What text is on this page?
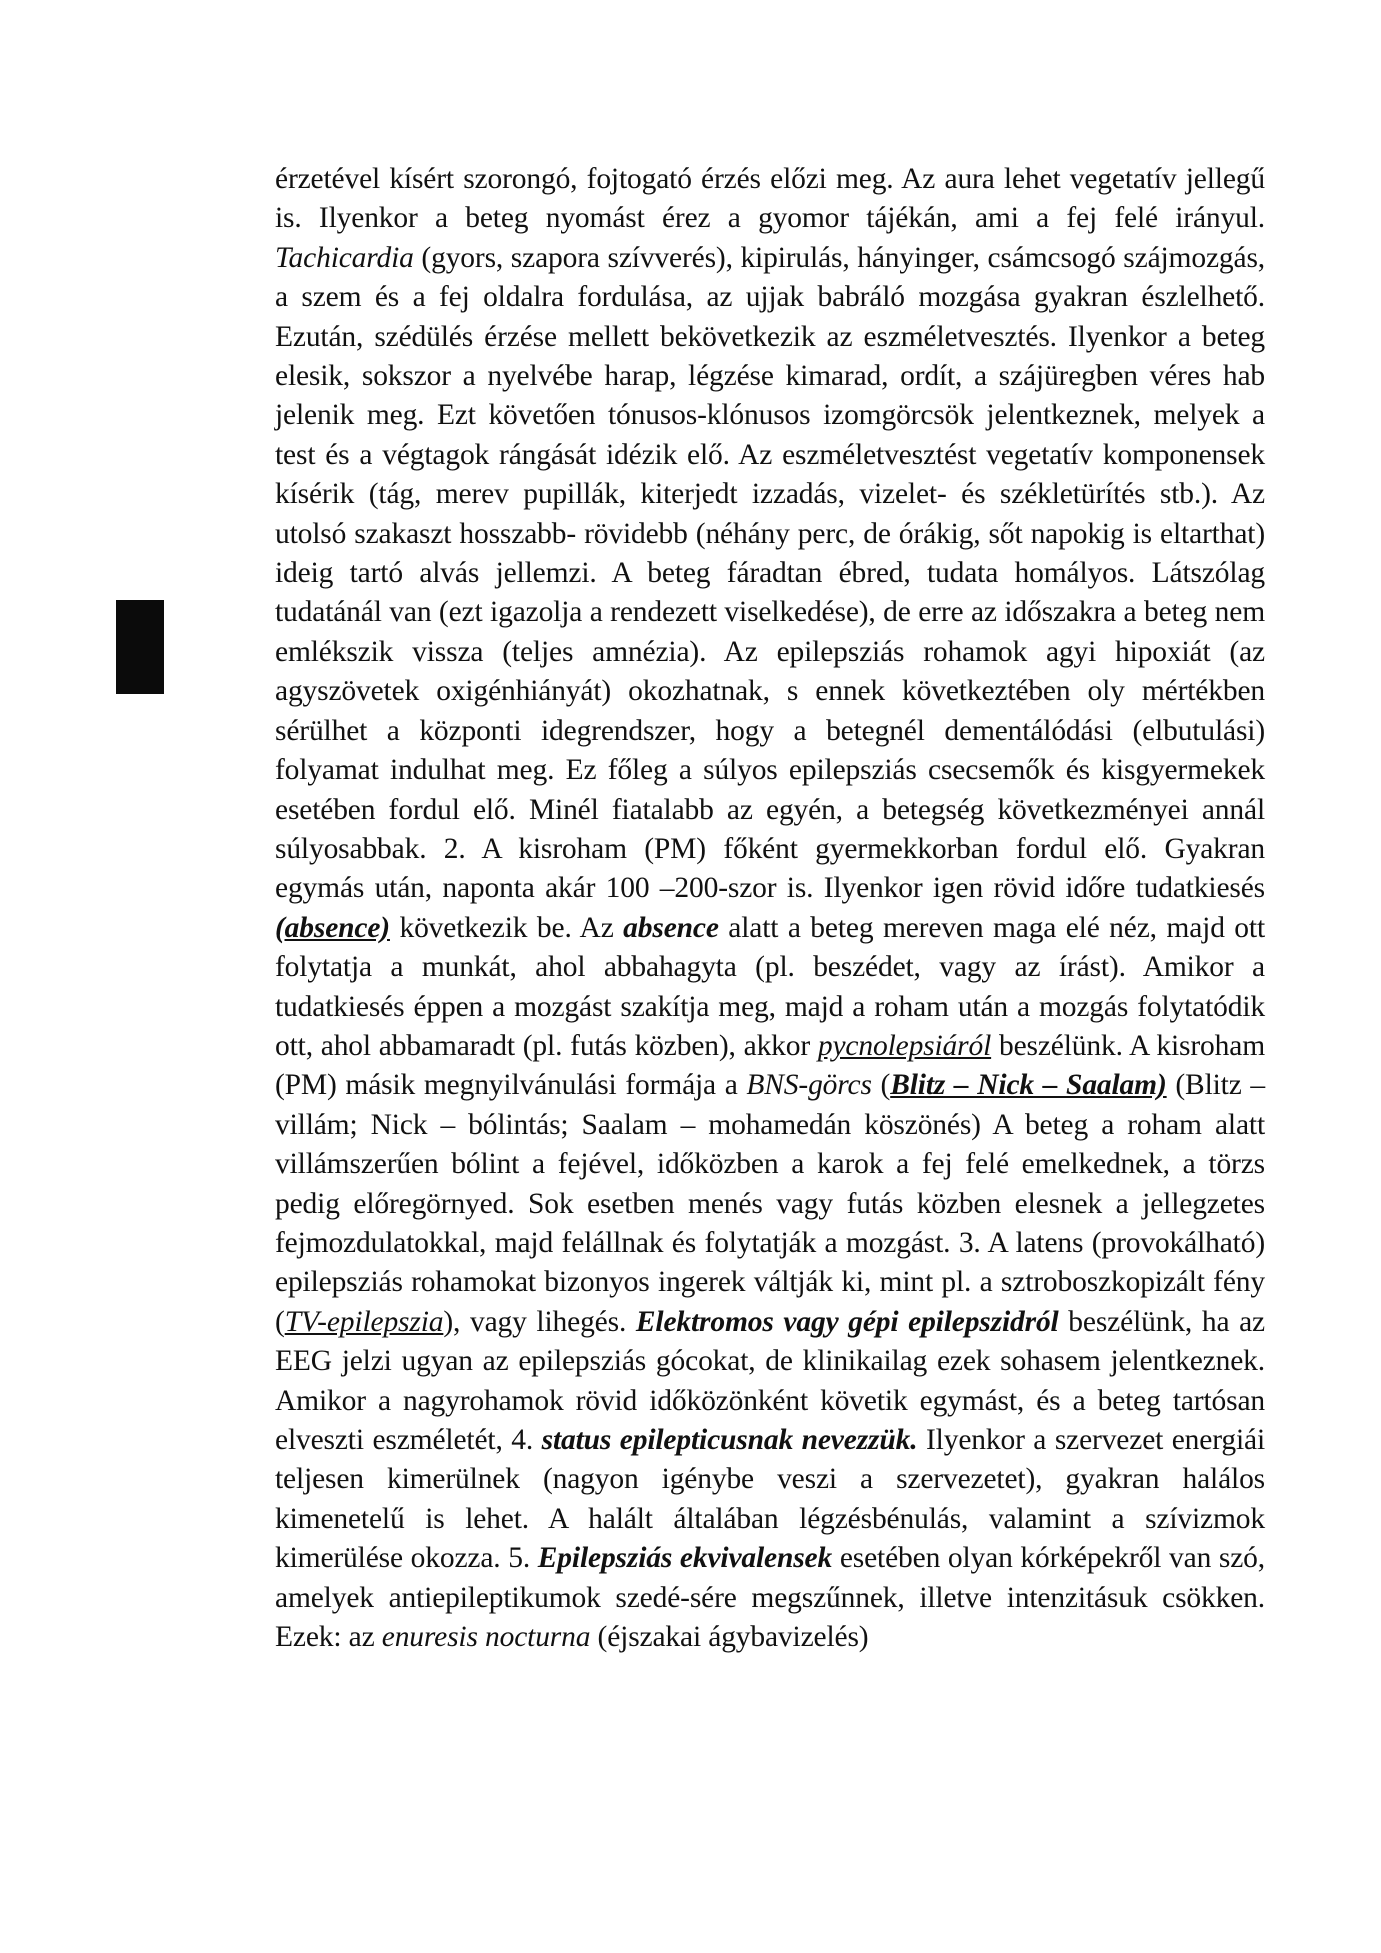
érzetével kísért szorongó, fojtogató érzés előzi meg. Az aura lehet vegetatív jellegű is. Ilyenkor a beteg nyomást érez a gyomor tájékán, ami a fej felé irányul. Tachicardia (gyors, szapora szívverés), kipirulás, hányinger, csámcsogó szájmozgás, a szem és a fej oldalra fordulása, az ujjak babráló mozgása gyakran észlelhető. Ezután, szédülés érzése mellett bekövetkezik az eszméletvesztés. Ilyenkor a beteg elesik, sokszor a nyelvébe harap, légzése kimarad, ordít, a szájüregben véres hab jelenik meg. Ezt követően tónusos-klónusos izomgörcsök jelentkeznek, melyek a test és a végtagok rángását idézik elő. Az eszméletvesztést vegetatív komponensek kísérik (tág, merev pupillák, kiterjedt izzadás, vizelet- és székletürítés stb.). Az utolsó szakaszt hosszabb- rövidebb (néhány perc, de órákig, sőt napokig is eltarthat) ideig tartó alvás jellemzi. A beteg fáradtan ébred, tudata homályos. Látszólag tudatánál van (ezt igazolja a rendezett viselkedése), de erre az időszakra a beteg nem emlékszik vissza (teljes amnézia). Az epilepsziás rohamok agyi hipoxiát (az agyszövetek oxigénhiányát) okozhatnak, s ennek következtében oly mértékben sérülhet a központi idegrendszer, hogy a betegnél dementálódási (elbutulási) folyamat indulhat meg. Ez főleg a súlyos epilepsziás csecsemők és kisgyermekek esetében fordul elő. Minél fiatalabb az egyén, a betegség következményei annál súlyosabbak. 2. A kisroham (PM) főként gyermekkorban fordul elő. Gyakran egymás után, naponta akár 100 –200-szor is. Ilyenkor igen rövid időre tudatkiesés (absence) következik be. Az absence alatt a beteg mereven maga elé néz, majd ott folytatja a munkát, ahol abbahagyta (pl. beszédet, vagy az írást). Amikor a tudatkiesés éppen a mozgást szakítja meg, majd a roham után a mozgás folytatódik ott, ahol abbamaradt (pl. futás közben), akkor pycnolepsiáról beszélünk. A kisroham (PM) másik megnyilvánulási formája a BNS-görcs (Blitz – Nick – Saalam) (Blitz – villám; Nick – bólintás; Saalam – mohamedán köszönés) A beteg a roham alatt villámszerűen bólint a fejével, időközben a karok a fej felé emelkednek, a törzs pedig előregörnyed. Sok esetben menés vagy futás közben elesnek a jellegzetes fejmozdulatokkal, majd felállnak és folytatják a mozgást. 3. A latens (provokálható) epilepsziás rohamokat bizonyos ingerek váltják ki, mint pl. a sztroboszkopizált fény (TV-epilepszia), vagy lihegés. Elektromos vagy gépi epilepszidról beszélünk, ha az EEG jelzi ugyan az epilepsziás gócokat, de klinikailag ezek sohasem jelentkeznek. Amikor a nagyrohamok rövid időközönként követik egymást, és a beteg tartósan elveszti eszméletét, 4. status epilepticusnak nevezzük. Ilyenkor a szervezet energiái teljesen kimerülnek (nagyon igénybe veszi a szervezetet), gyakran halálos kimenetelű is lehet. A halált általában légzésbénulás, valamint a szívizmok kimerülése okozza. 5. Epilepsziás ekvivalensek esetében olyan kórképekről van szó, amelyek antiepileptikumok szedé-sére megszűnnek, illetve intenzitásuk csökken. Ezek: az enuresis nocturna (éjszakai ágybavizelés)
